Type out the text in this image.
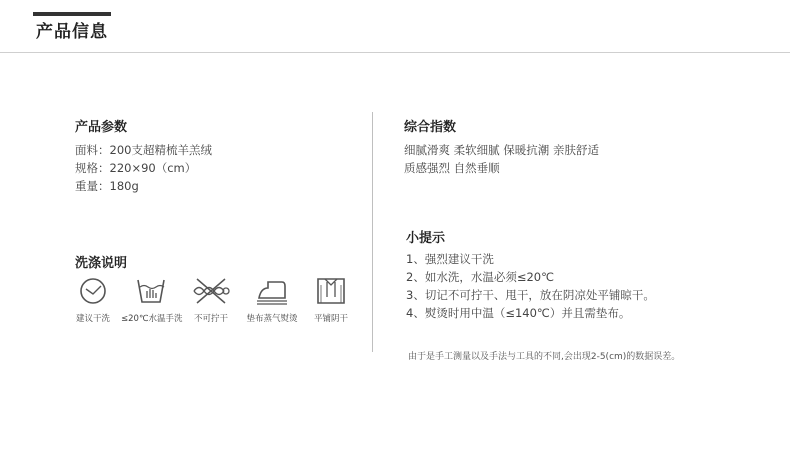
产品信息
产品参数
面料：200支超精梳羊羔绒
规格：220×90（cm）
重量：180g
洗涤说明
建议干洗	≤20℃水温手洗	不可拧干	垫布蒸气熨烫	平铺阴干
综合指数
细腻滑爽 柔软细腻 保暖抗潮 亲肤舒适
质感强烈 自然垂顺
小提示
1、强烈建议干洗
2、如水洗，水温必须≤20℃
3、切记不可拧干、甩干，放在阴凉处平铺晾干。
4、熨烫时用中温（≤140℃）并且需垫布。
由于是手工测量以及手法与工具的不同,会出现2-5(cm)的数据误差。
